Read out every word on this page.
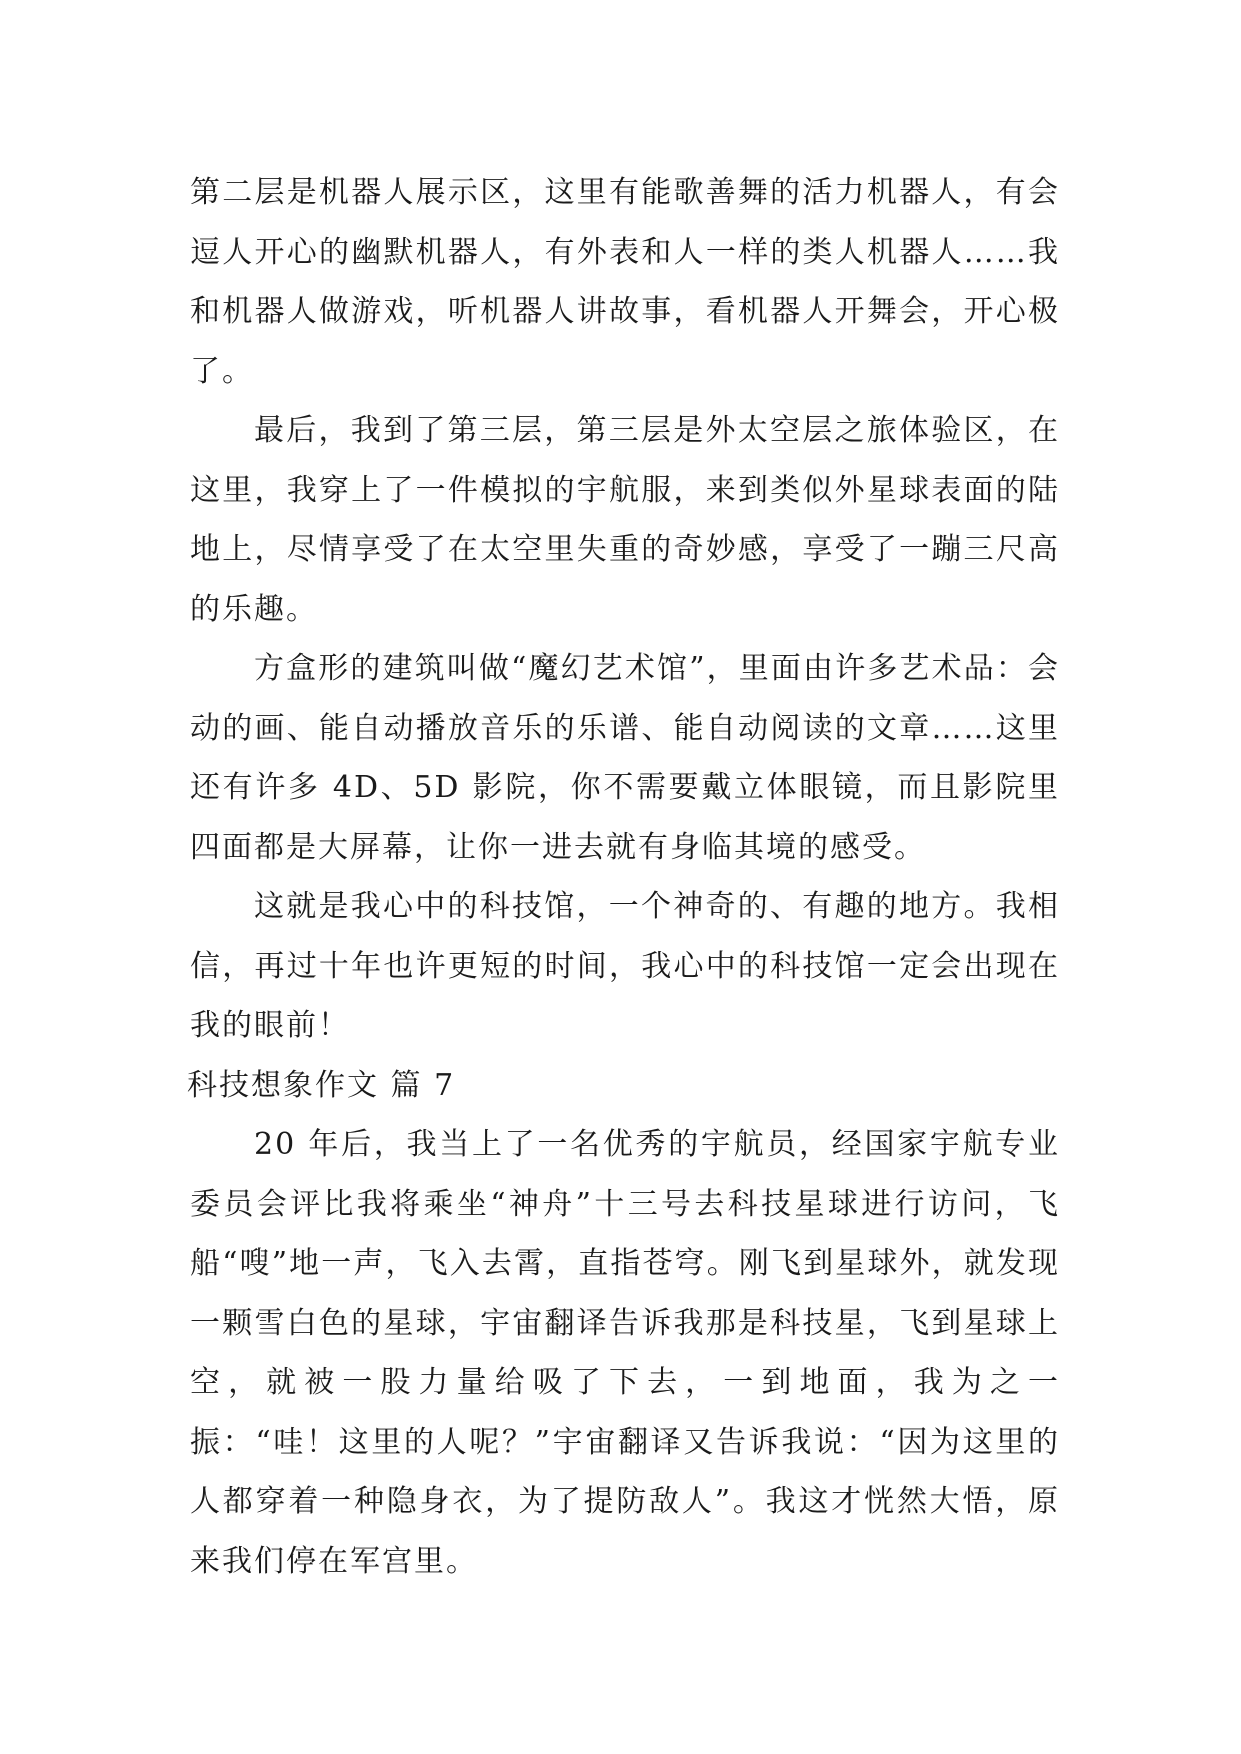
第二层是机器人展示区，这里有能歌善舞的活力机器人，有会逗人开心的幽默机器人，有外表和人一样的类人机器人……我和机器人做游戏，听机器人讲故事，看机器人开舞会，开心极了。

最后，我到了第三层，第三层是外太空层之旅体验区，在这里，我穿上了一件模拟的宇航服，来到类似外星球表面的陆地上，尽情享受了在太空里失重的奇妙感，享受了一蹦三尺高的乐趣。

方盒形的建筑叫做“魔幻艺术馆”，里面由许多艺术品：会动的画、能自动播放音乐的乐谱、能自动阅读的文章……这里还有许多 4D、5D 影院，你不需要戴立体眼镜，而且影院里四面都是大屏幕，让你一进去就有身临其境的感受。

这就是我心中的科技馆，一个神奇的、有趣的地方。我相信，再过十年也许更短的时间，我心中的科技馆一定会出现在我的眼前！

科技想象作文 篇 7

20 年后，我当上了一名优秀的宇航员，经国家宇航专业委员会评比我将乘坐“神舟”十三号去科技星球进行访问，飞船“嗖”地一声，飞入去霄，直指苍穹。刚飞到星球外，就发现一颗雪白色的星球，宇宙翻译告诉我那是科技星，飞到星球上空，就被一股力量给吸了下去，一到地面，我为之一振：“哇！这里的人呢？”宇宙翻译又告诉我说：“因为这里的人都穿着一种隐身衣，为了提防敌人”。我这才恍然大悟，原来我们停在军宫里。
